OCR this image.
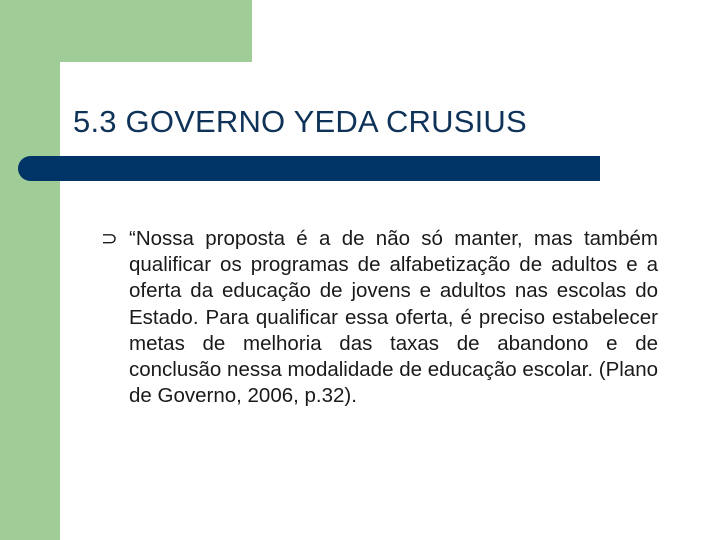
5.3 GOVERNO YEDA CRUSIUS
⊃ “Nossa proposta é a de não só manter, mas também qualificar os programas de alfabetização de adultos e a oferta da educação de jovens e adultos nas escolas do Estado. Para qualificar essa oferta, é preciso estabelecer metas de melhoria das taxas de abandono e de conclusão nessa modalidade de educação escolar. (Plano de Governo, 2006, p.32).
